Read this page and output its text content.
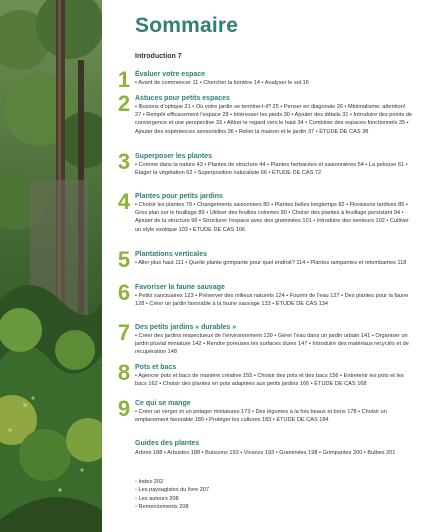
Sommaire

Introduction 7

1 Évaluer votre espace

• Avant de commencer 11 • Chercher la lumière 14 • Analyser le sol 16

2 Astuces pour petits espaces

• Illusions d’optique 21 • Où votre jardin se termine-t-il? 25 • Penser en diagonale 26 • Minimalisme: attention! 27 • Remplir efficacement l’espace 28 • Intéresser les pieds 30 • Ajouter des détails 31 • Introduire des points de convergence et une perspective 33 • Attirer le regard vers le haut 34 • Combiner des espaces fonctionnels 35 • Ajouter des expériences sensorielles 36 • Relier la maison et le jardin 37 • ÉTUDE DE CAS 38

3 Superposer les plantes

• Comme dans la nature 43 • Plantes de structure 44 • Plantes herbacées et saisonnières 54 • La pelouse 61 • Étager la végétation 62 • Superposition naturaliste 66 • ÉTUDE DE CAS 72

4 Plantes pour petits jardins

• Choisir les plantes 79 • Changements saisonniers 80 • Plantes belles longtemps 82 • Floraisons tardives 85 • Gros plan sur le feuillage 89 • Utiliser des feuilles colorées 90 • Choisir des plantes à feuillage persistant 94 • Ajouter de la structure 96 • Structurer l’espace avec des graminées 101 • Introduire des senteurs 102 • Cultiver un style exotique 103 • ÉTUDE DE CAS 106

5 Plantations verticales

• Aller plus haut 111 • Quelle plante grimpante pour quel endroit? 114 • Plantes rampantes et retombantes 118

6 Favoriser la faune sauvage

• Petits sanctuaires 123 • Préserver des milieux naturels 124 • Fournir de l’eau 127 • Des plantes pour la faune 128 • Créer un jardin favorable à la faune sauvage 133 • ÉTUDE DE CAS 134

7 Des petits jardins « durables »

• Créer des jardins respectueux de l’environnement 139 • Gérer l’eau dans un jardin urbain 141 • Organiser un jardin pluvial miniature 142 • Rendre poreuses les surfaces dures 147 • Introduire des matériaux recyclés et de récupération 148

8 Pots et bacs

• Agencer pots et bacs de manière créative 155 • Choisir des pots et des bacs 156 • Entretenir les pots et les bacs 162 • Choisir des plantes en pots adaptées aux petits jardins 166 • ÉTUDE DE CAS 168

9 Ce qui se mange

• Créer un verger et un potager miniatures 173 • Des légumes à la fois beaux et bons 178 • Choisir un emplacement favorable 180 • Protéger les cultures 183 • ÉTUDE DE CAS 184

Guides des plantes

Arbres 188 • Arbustes 188 • Buissons 192 • Vivaces 193 • Graminées 198 • Grimpantes 200 • Bulbes 201

• Index 202
• Les paysagistes du livre 207
• Les auteurs 208
• Remerciements 208
